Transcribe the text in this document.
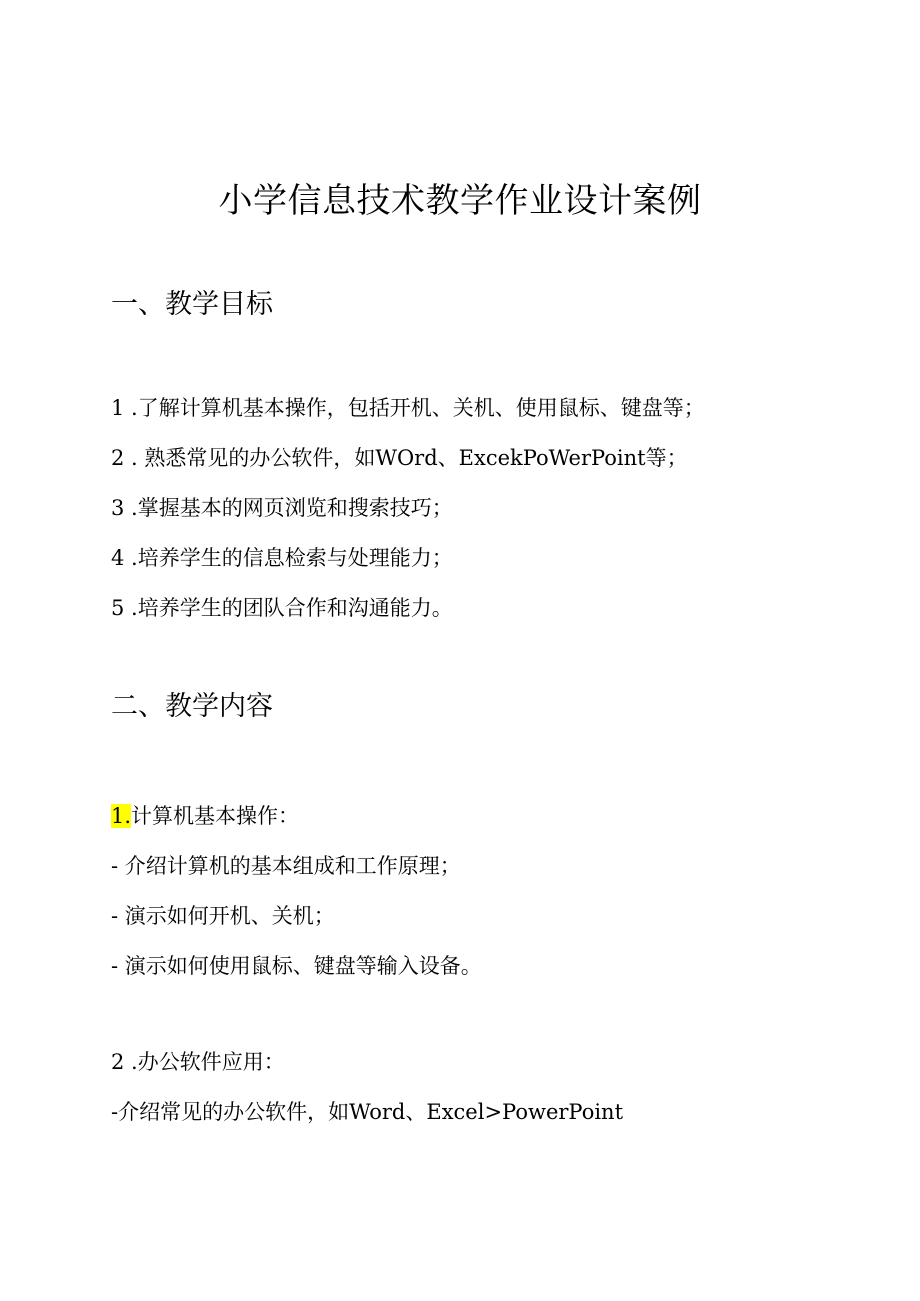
小学信息技术教学作业设计案例
一、教学目标
1 .了解计算机基本操作，包括开机、关机、使用鼠标、键盘等；
2 . 熟悉常见的办公软件，如WOrd、ExcekPoWerPoint等；
3 .掌握基本的网页浏览和搜索技巧；
4 .培养学生的信息检索与处理能力；
5 .培养学生的团队合作和沟通能力。
二、教学内容
1.计算机基本操作：
- 介绍计算机的基本组成和工作原理；
- 演示如何开机、关机；
- 演示如何使用鼠标、键盘等输入设备。
2 .办公软件应用：
-介绍常见的办公软件，如Word、Excel>PowerPoint
